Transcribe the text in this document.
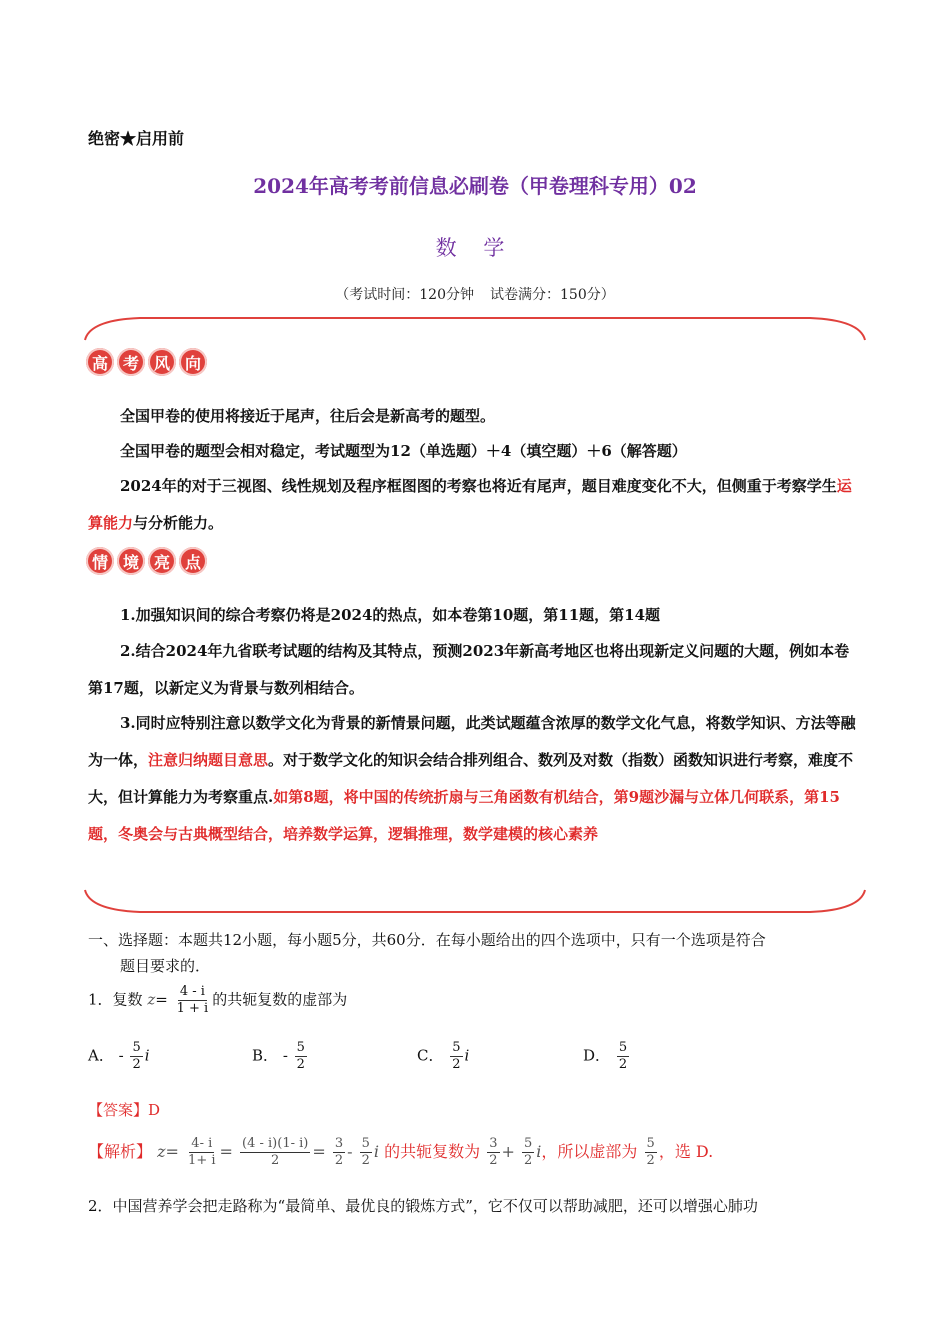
绝密★启用前
2024年高考考前信息必刷卷（甲卷理科专用）02
数 学
（考试时间：120分钟 试卷满分：150分）
高 考 风 向
全国甲卷的使用将接近于尾声，往后会是新高考的题型。
全国甲卷的题型会相对稳定，考试题型为12（单选题）＋4（填空题）＋6（解答题）
2024年的对于三视图、线性规划及程序框图图的考察也将近有尾声，题目难度变化不大，但侧重于考察学生运算能力与分析能力。
情 境 亮 点
1.加强知识间的综合考察仍将是2024的热点，如本卷第10题，第11题，第14题
2.结合2024年九省联考试题的结构及其特点，预测2023年新高考地区也将出现新定义问题的大题，例如本卷第17题，以新定义为背景与数列相结合。
3.同时应特别注意以数学文化为背景的新情景问题，此类试题蕴含浓厚的数学文化气息，将数学知识、方法等融为一体，注意归纳题目意思。对于数学文化的知识会结合排列组合、数列及对数（指数）函数知识进行考察，难度不大，但计算能力为考察重点.如第8题，将中国的传统折扇与三角函数有机结合，第9题沙漏与立体几何联系，第15题，冬奥会与古典概型结合，培养数学运算，逻辑推理，数学建模的核心素养
一、选择题：本题共12小题，每小题5分，共60分．在每小题给出的四个选项中，只有一个选项是符合
题目要求的．
1．复数 $z= \frac{4 - i}{1 + i}$ 的共轭复数的虚部为
A． - $\frac{5}{2}$ i	B． - $\frac{5}{2}$	C． $\frac{5}{2}$ i	D． $\frac{5}{2}$
【答案】D
【解析】 $z= \frac{4- i}{1+ i} = \frac{(4 - i)(1- i)}{2} = \frac{3}{2} - \frac{5}{2}$ i 的共轭复数为 $\frac{3}{2} + \frac{5}{2}$ i，所以虚部为 $\frac{5}{2}$ ，选 D.
2．中国营养学会把走路称为“最简单、最优良的锻炼方式”，它不仅可以帮助减肥，还可以增强心肺功
